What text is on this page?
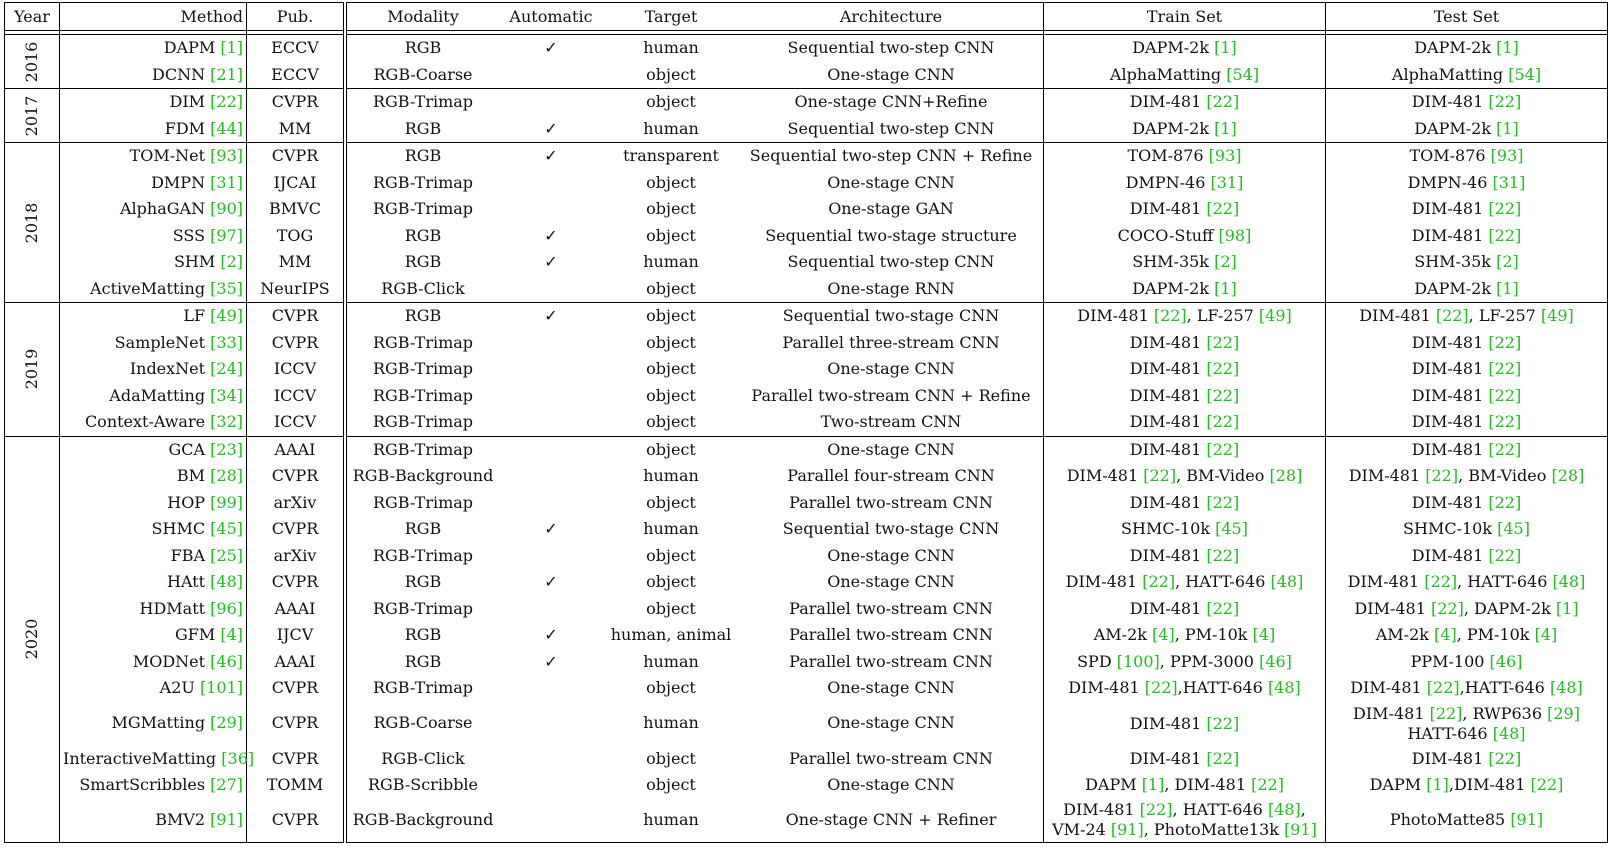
Year	Method	Pub.	Modality	Automatic	Target	Architecture	Train Set	Test Set

2016	DAPM [1]	ECCV	RGB	✓	human	Sequential two-step CNN	DAPM-2k [1]	DAPM-2k [1]
	DCNN [21]	ECCV	RGB-Coarse		object	One-stage CNN	AlphaMatting [54]	AlphaMatting [54]

2017	DIM [22]	CVPR	RGB-Trimap		object	One-stage CNN+Refine	DIM-481 [22]	DIM-481 [22]
	FDM [44]	MM	RGB	✓	human	Sequential two-step CNN	DAPM-2k [1]	DAPM-2k [1]

2018	TOM-Net [93]	CVPR	RGB	✓	transparent	Sequential two-step CNN + Refine	TOM-876 [93]	TOM-876 [93]
	DMPN [31]	IJCAI	RGB-Trimap		object	One-stage CNN	DMPN-46 [31]	DMPN-46 [31]
	AlphaGAN [90]	BMVC	RGB-Trimap		object	One-stage GAN	DIM-481 [22]	DIM-481 [22]
	SSS [97]	TOG	RGB	✓	object	Sequential two-stage structure	COCO-Stuff [98]	DIM-481 [22]
	SHM [2]	MM	RGB	✓	human	Sequential two-step CNN	SHM-35k [2]	SHM-35k [2]
	ActiveMatting [35]	NeurIPS	RGB-Click		object	One-stage RNN	DAPM-2k [1]	DAPM-2k [1]

2019	LF [49]	CVPR	RGB	✓	object	Sequential two-stage CNN	DIM-481 [22], LF-257 [49]	DIM-481 [22], LF-257 [49]
	SampleNet [33]	CVPR	RGB-Trimap		object	Parallel three-stream CNN	DIM-481 [22]	DIM-481 [22]
	IndexNet [24]	ICCV	RGB-Trimap		object	One-stage CNN	DIM-481 [22]	DIM-481 [22]
	AdaMatting [34]	ICCV	RGB-Trimap		object	Parallel two-stream CNN + Refine	DIM-481 [22]	DIM-481 [22]
	Context-Aware [32]	ICCV	RGB-Trimap		object	Two-stream CNN	DIM-481 [22]	DIM-481 [22]

2020	GCA [23]	AAAI	RGB-Trimap		object	One-stage CNN	DIM-481 [22]	DIM-481 [22]
	BM [28]	CVPR	RGB-Background		human	Parallel four-stream CNN	DIM-481 [22], BM-Video [28]	DIM-481 [22], BM-Video [28]
	HOP [99]	arXiv	RGB-Trimap		object	Parallel two-stream CNN	DIM-481 [22]	DIM-481 [22]
	SHMC [45]	CVPR	RGB	✓	human	Sequential two-stage CNN	SHMC-10k [45]	SHMC-10k [45]
	FBA [25]	arXiv	RGB-Trimap		object	One-stage CNN	DIM-481 [22]	DIM-481 [22]
	HAtt [48]	CVPR	RGB	✓	object	One-stage CNN	DIM-481 [22], HATT-646 [48]	DIM-481 [22], HATT-646 [48]
	HDMatt [96]	AAAI	RGB-Trimap		object	Parallel two-stream CNN	DIM-481 [22]	DIM-481 [22], DAPM-2k [1]
	GFM [4]	IJCV	RGB	✓	human, animal	Parallel two-stream CNN	AM-2k [4], PM-10k [4]	AM-2k [4], PM-10k [4]
	MODNet [46]	AAAI	RGB	✓	human	Parallel two-stream CNN	SPD [100], PPM-3000 [46]	PPM-100 [46]
	A2U [101]	CVPR	RGB-Trimap		object	One-stage CNN	DIM-481 [22],HATT-646 [48]	DIM-481 [22],HATT-646 [48]
	MGMatting [29]	CVPR	RGB-Coarse		human	One-stage CNN	DIM-481 [22]	DIM-481 [22], RWP636 [29] HATT-646 [48]
	InteractiveMatting [36]	CVPR	RGB-Click		object	Parallel two-stream CNN	DIM-481 [22]	DIM-481 [22]
	SmartScribbles [27]	TOMM	RGB-Scribble		object	One-stage CNN	DAPM [1], DIM-481 [22]	DAPM [1],DIM-481 [22]
	BMV2 [91]	CVPR	RGB-Background		human	One-stage CNN + Refiner	DIM-481 [22], HATT-646 [48], VM-24 [91], PhotoMatte13k [91]	PhotoMatte85 [91]
